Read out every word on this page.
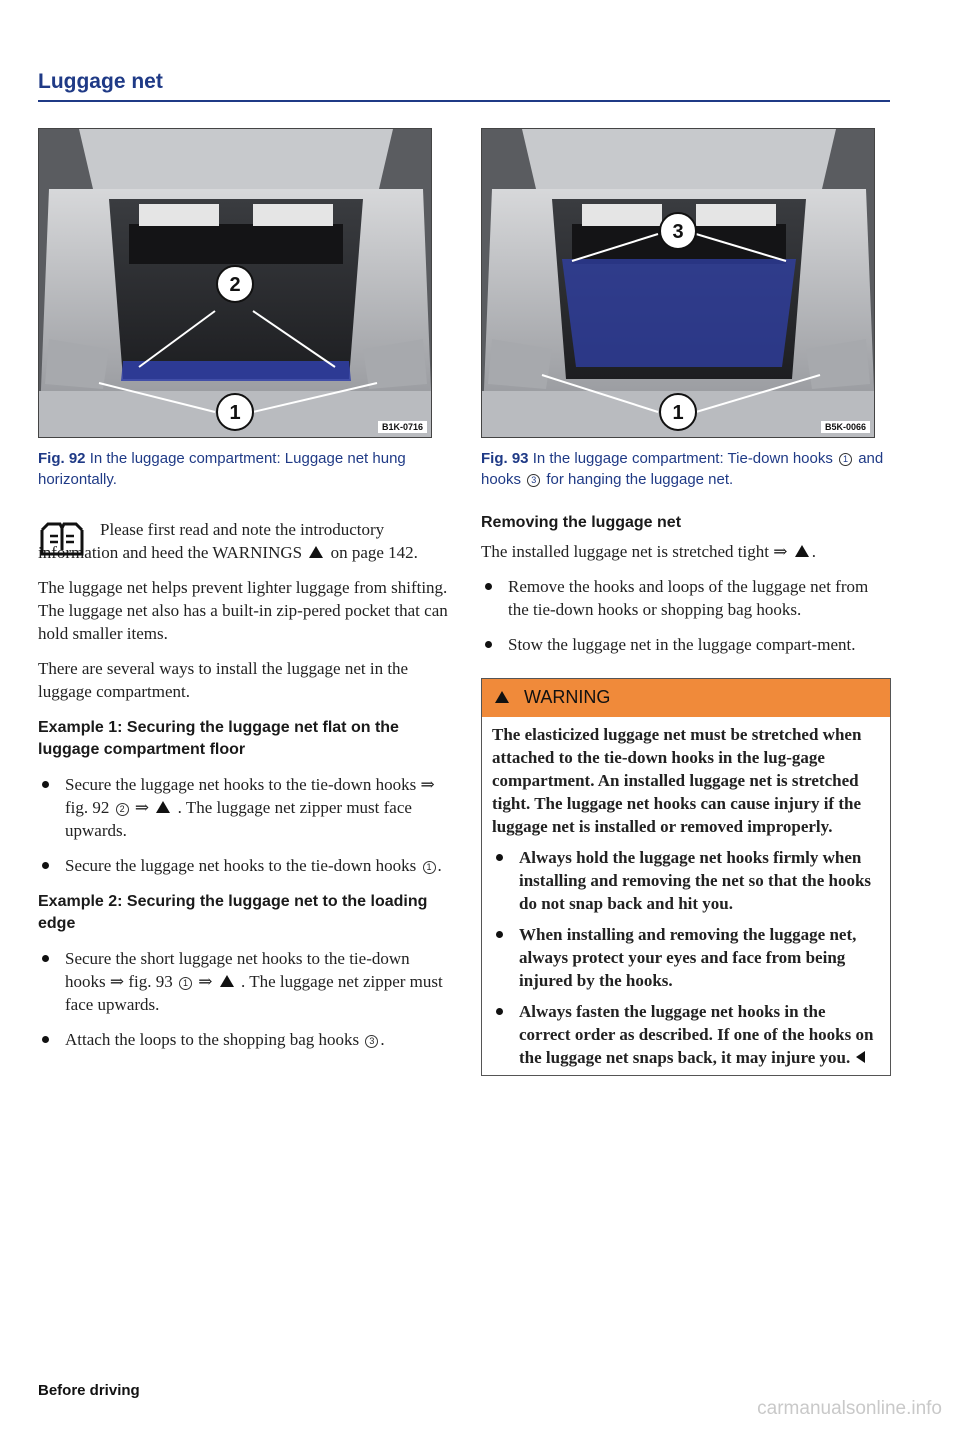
Luggage net
2
1
B1K-0716
Fig. 92 In the luggage compartment: Luggage net hung horizontally.
Please first read and note the introductory information and heed the WARNINGS on page 142.

The luggage net helps prevent lighter luggage from shifting. The luggage net also has a built-in zip-pered pocket that can hold smaller items.

There are several ways to install the luggage net in the luggage compartment.

Example 1: Securing the luggage net flat on the luggage compartment floor
Secure the luggage net hooks to the tie-down hooks ⇒ fig. 92 2 ⇒ . The luggage net zipper must face upwards.
Secure the luggage net hooks to the tie-down hooks 1 .
Example 2: Securing the luggage net to the loading edge
Secure the short luggage net hooks to the tie-down hooks ⇒ fig. 93 1 ⇒ . The luggage net zipper must face upwards.
Attach the loops to the shopping bag hooks 3 .
3
1
B5K-0066
Fig. 93 In the luggage compartment: Tie-down hooks 1 and hooks 3 for hanging the luggage net.
Removing the luggage net

The installed luggage net is stretched tight ⇒ .

Remove the hooks and loops of the luggage net from the tie-down hooks or shopping bag hooks.
Stow the luggage net in the luggage compart-ment.
WARNING

The elasticized luggage net must be stretched when attached to the tie-down hooks in the lug-gage compartment. An installed luggage net is stretched tight. The luggage net hooks can cause injury if the luggage net is installed or removed improperly.

Always hold the luggage net hooks firmly when installing and removing the net so that the hooks do not snap back and hit you.
When installing and removing the luggage net, always protect your eyes and face from being injured by the hooks.
Always fasten the luggage net hooks in the correct order as described. If one of the hooks on the luggage net snaps back, it may injure you.
Before driving
carmanualsonline.info
